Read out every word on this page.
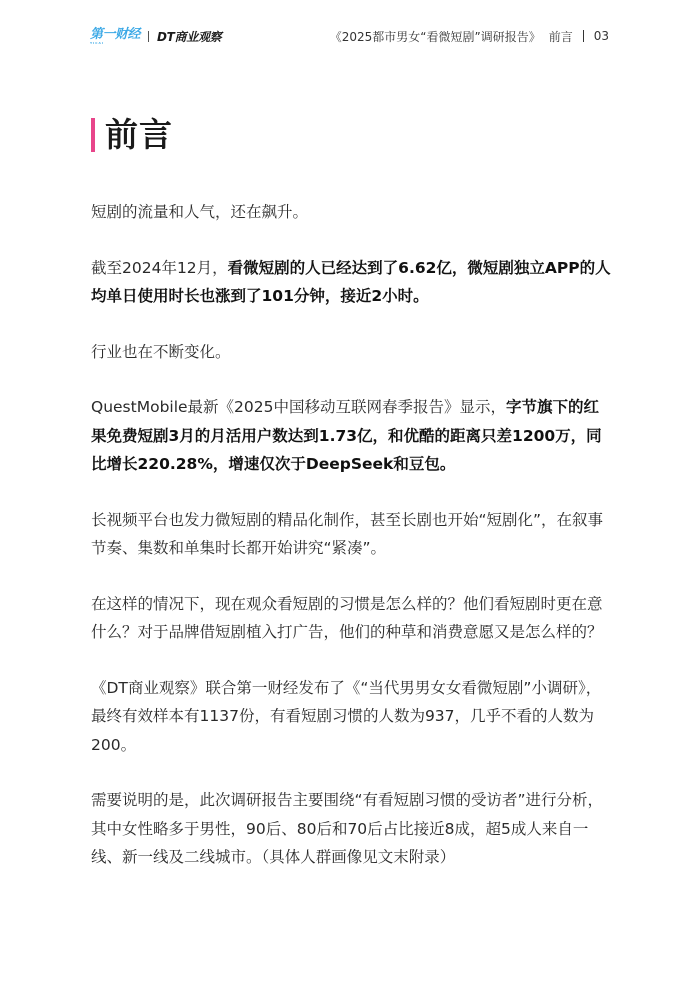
第一财经
YICAI	DT商业观察	《2025都市男女“看微短剧”调研报告》 前言 03
前言

短剧的流量和人气，还在飙升。

截至2024年12月，看微短剧的人已经达到了6.62亿，微短剧独立APP的人均单日使用时长也涨到了101分钟，接近2小时。

行业也在不断变化。

QuestMobile最新《2025中国移动互联网春季报告》显示，字节旗下的红果免费短剧3月的月活用户数达到1.73亿，和优酷的距离只差1200万，同比增长220.28%，增速仅次于DeepSeek和豆包。

长视频平台也发力微短剧的精品化制作，甚至长剧也开始“短剧化”，在叙事节奏、集数和单集时长都开始讲究“紧凑”。

在这样的情况下，现在观众看短剧的习惯是怎么样的？他们看短剧时更在意什么？对于品牌借短剧植入打广告，他们的种草和消费意愿又是怎么样的？

《DT商业观察》联合第一财经发布了《“当代男男女女看微短剧”小调研》，最终有效样本有1137份，有看短剧习惯的人数为937，几乎不看的人数为200。

需要说明的是，此次调研报告主要围绕“有看短剧习惯的受访者”进行分析，其中女性略多于男性，90后、80后和70后占比接近8成，超5成人来自一线、新一线及二线城市。（具体人群画像见文末附录）
